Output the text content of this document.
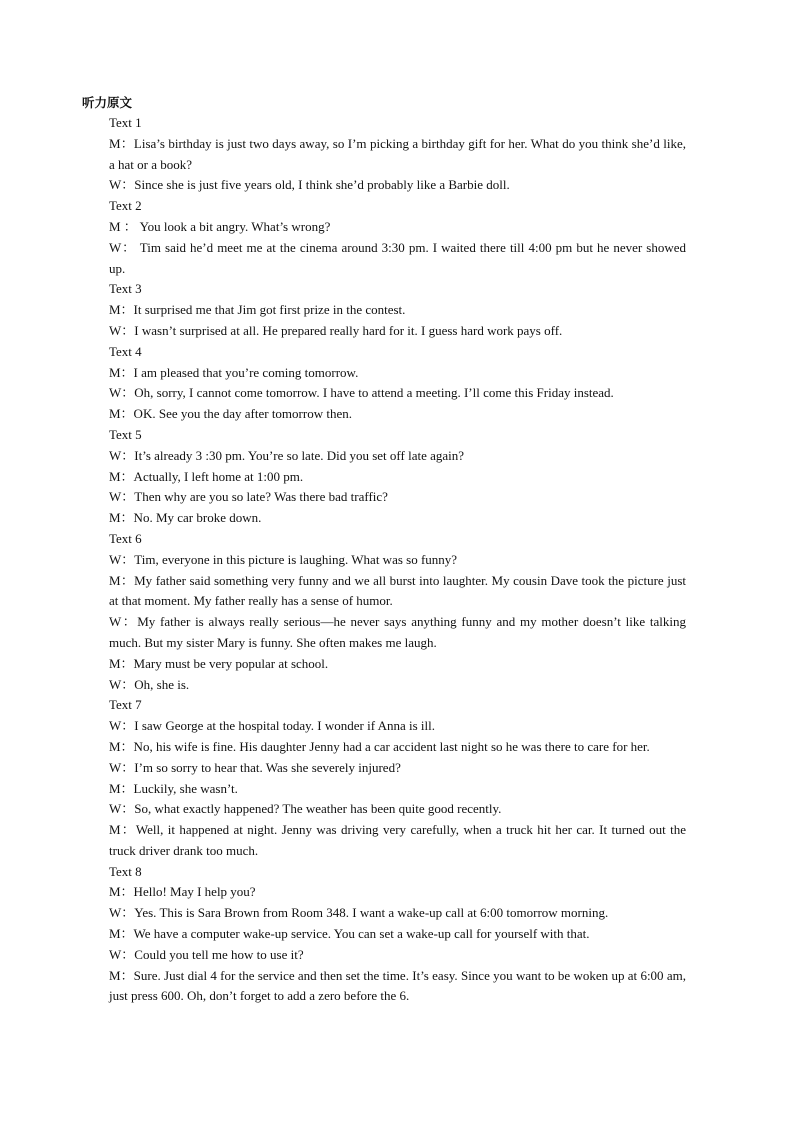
听力原文
Text 1
M：Lisa’s birthday is just two days away, so I’m picking a birthday gift for her. What do you think she’d like, a hat or a book?
W：Since she is just five years old, I think she’d probably like a Barbie doll.
Text 2
M ： You look a bit angry. What’s wrong?
W： Tim said he’d meet me at the cinema around 3:30 pm. I waited there till 4:00 pm but he never showed up.
Text 3
M：It surprised me that Jim got first prize in the contest.
W：I wasn’t surprised at all. He prepared really hard for it. I guess hard work pays off.
Text 4
M：I am pleased that you’re coming tomorrow.
W：Oh, sorry, I cannot come tomorrow. I have to attend a meeting. I’ll come this Friday instead.
M：OK. See you the day after tomorrow then.
Text 5
W：It’s already 3 :30 pm. You’re so late. Did you set off late again?
M：Actually, I left home at 1:00 pm.
W：Then why are you so late? Was there bad traffic?
M：No. My car broke down.
Text 6
W：Tim, everyone in this picture is laughing. What was so funny?
M：My father said something very funny and we all burst into laughter. My cousin Dave took the picture just at that moment. My father really has a sense of humor.
W：My father is always really serious—he never says anything funny and my mother doesn’t like talking much. But my sister Mary is funny. She often makes me laugh.
M：Mary must be very popular at school.
W：Oh, she is.
Text 7
W：I saw George at the hospital today. I wonder if Anna is ill.
M：No, his wife is fine. His daughter Jenny had a car accident last night so he was there to care for her.
W：I’m so sorry to hear that. Was she severely injured?
M：Luckily, she wasn’t.
W：So, what exactly happened? The weather has been quite good recently.
M：Well, it happened at night. Jenny was driving very carefully, when a truck hit her car. It turned out the truck driver drank too much.
Text 8
M：Hello! May I help you?
W：Yes. This is Sara Brown from Room 348. I want a wake-up call at 6:00 tomorrow morning.
M：We have a computer wake-up service. You can set a wake-up call for yourself with that.
W：Could you tell me how to use it?
M：Sure. Just dial 4 for the service and then set the time. It’s easy. Since you want to be woken up at 6:00 am, just press 600. Oh, don’t forget to add a zero before the 6.
